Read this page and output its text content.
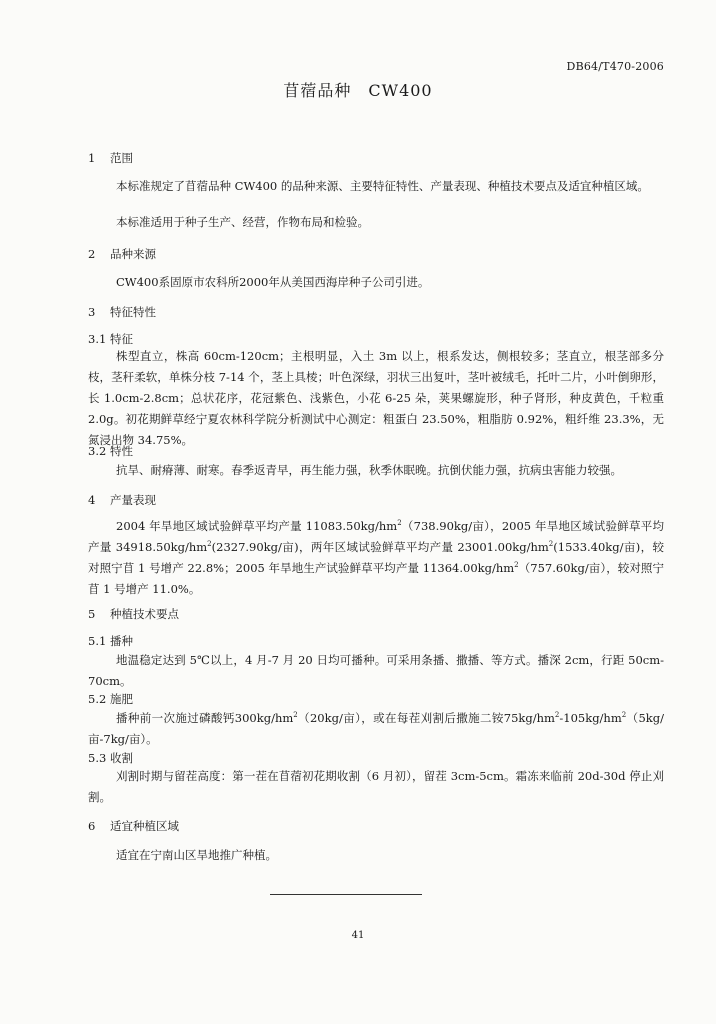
DB64/T470-2006
苜蓿品种　CW400
1 范围

本标准规定了苜蓿品种 CW400 的品种来源、主要特征特性、产量表现、种植技术要点及适宜种植区域。

本标准适用于种子生产、经营，作物布局和检验。

2 品种来源

CW400系固原市农科所2000年从美国西海岸种子公司引进。

3 特征特性
3.1 特征

株型直立，株高 60cm-120cm；主根明显，入土 3m 以上，根系发达，侧根较多；茎直立，根茎部多分枝，茎秆柔软，单株分枝 7-14 个，茎上具棱；叶色深绿，羽状三出复叶，茎叶被绒毛，托叶二片，小叶倒卵形，长 1.0cm-2.8cm；总状花序，花冠紫色、浅紫色，小花 6-25 朵，荚果螺旋形，种子肾形，种皮黄色，千粒重 2.0g。初花期鲜草经宁夏农林科学院分析测试中心测定：粗蛋白 23.50%，粗脂肪 0.92%，粗纤维 23.3%，无氮浸出物 34.75%。

3.2 特性

抗旱、耐瘠薄、耐寒。春季返青早，再生能力强，秋季休眠晚。抗倒伏能力强，抗病虫害能力较强。

4 产量表现

2004 年旱地区域试验鲜草平均产量 $11083.50kg/hm^2(738.90kg/$亩），2005 年旱地区域试验鲜草平均产量 $34918.50kg/hm^2(2327.90kg/$亩)，两年区域试验鲜草平均产量 $23001.00kg/hm^2(1533.40kg/$亩)，较对照宁苜 1 号增产 22.8%；2005 年旱地生产试验鲜草平均产量 $11364.00kg/hm^2(757.60kg/$亩），较对照宁苜 1 号增产 11.0%。

5 种植技术要点
5.1 播种

地温稳定达到 5℃以上，4 月-7 月 20 日均可播种。可采用条播、撒播、等方式。播深 2cm，行距 50cm-70cm。

5.2 施肥

播种前一次施过磷酸钙$300kg/hm^2(20kg/$亩），或在每茬刈割后撒施二铵$75kg/hm^2-105kg/hm^2(5kg/$亩-7kg/亩）。

5.3 收割

刈割时期与留茬高度：第一茬在苜蓿初花期收割（6 月初），留茬 3cm-5cm。霜冻来临前 20d-30d 停止刈割。

6 适宜种植区域

适宜在宁南山区旱地推广种植。

41
